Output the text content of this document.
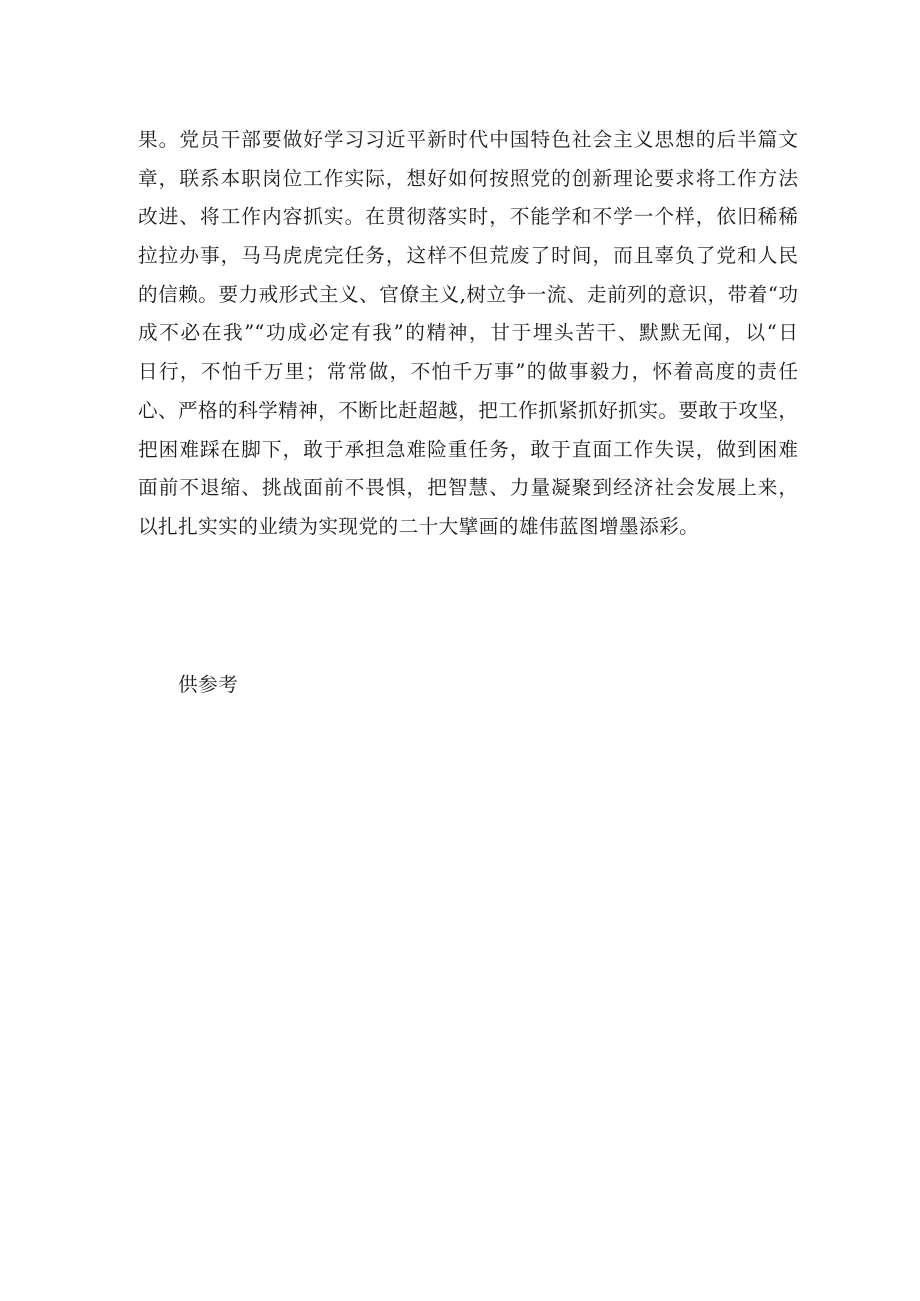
果。党员干部要做好学习习近平新时代中国特色社会主义思想的后半篇文
章，联系本职岗位工作实际，想好如何按照党的创新理论要求将工作方法
改进、将工作内容抓实。在贯彻落实时，不能学和不学一个样，依旧稀稀
拉拉办事，马马虎虎完任务，这样不但荒废了时间，而且辜负了党和人民
的信赖。要力戒形式主义、官僚主义,树立争一流、走前列的意识，带着“功
成不必在我”“功成必定有我”的精神，甘于埋头苦干、默默无闻，以“日
日行，不怕千万里；常常做，不怕千万事”的做事毅力，怀着高度的责任
心、严格的科学精神，不断比赶超越，把工作抓紧抓好抓实。要敢于攻坚，
把困难踩在脚下，敢于承担急难险重任务，敢于直面工作失误，做到困难
面前不退缩、挑战面前不畏惧，把智慧、力量凝聚到经济社会发展上来，
以扎扎实实的业绩为实现党的二十大擘画的雄伟蓝图增墨添彩。
供参考
